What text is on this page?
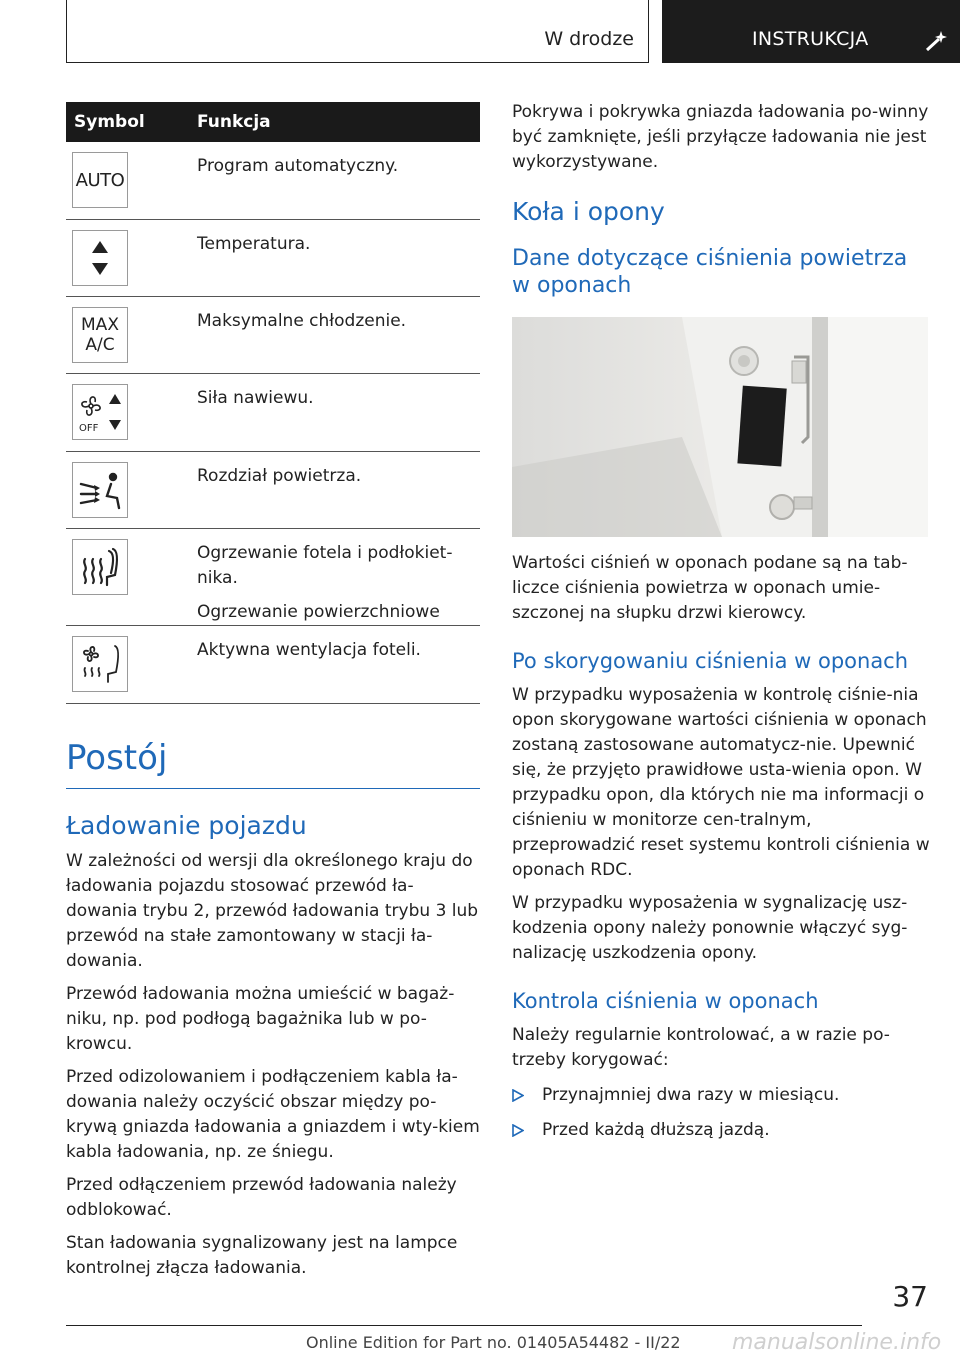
W drodze	INSTRUKCJA
Symbol	Funkcja
AUTO

Program automatyczny.

Temperatura.

MAX
A/C

Maksymalne chłodzenie.

OFF

Siła nawiewu.

Rozdział powietrza.

Ogrzewanie fotela i podłokiet-
nika.

Ogrzewanie powierzchniowe

Aktywna wentylacja foteli.

Postój
Ładowanie pojazdu

W zależności od wersji dla określonego kraju do ładowania pojazdu stosować przewód ła-dowania trybu 2, przewód ładowania trybu 3 lub przewód na stałe zamontowany w stacji ła-dowania.

Przewód ładowania można umieścić w bagaż-niku, np. pod podłogą bagażnika lub w po-krowcu.

Przed odizolowaniem i podłączeniem kabla ła-dowania należy oczyścić obszar między po-krywą gniazda ładowania a gniazdem i wty-kiem kabla ładowania, np. ze śniegu.

Przed odłączeniem przewód ładowania należy odblokować.

Stan ładowania sygnalizowany jest na lampce kontrolnej złącza ładowania.

Pokrywa i pokrywka gniazda ładowania po-winny być zamknięte, jeśli przyłącze ładowania nie jest wykorzystywane.

Koła i opony
Dane dotyczące ciśnienia powietrza w oponach

Wartości ciśnień w oponach podane są na tab-liczce ciśnienia powietrza w oponach umie-szczonej na słupku drzwi kierowcy.

Po skorygowaniu ciśnienia w oponach

W przypadku wyposażenia w kontrolę ciśnie-nia opon skorygowane wartości ciśnienia w oponach zostaną zastosowane automatycz-nie. Upewnić się, że przyjęto prawidłowe usta-wienia opon. W przypadku opon, dla których nie ma informacji o ciśnieniu w monitorze cen-tralnym, przeprowadzić reset systemu kontroli ciśnienia w oponach RDC.

W przypadku wyposażenia w sygnalizację usz-kodzenia opony należy ponownie włączyć syg-nalizację uszkodzenia opony.

Kontrola ciśnienia w oponach

Należy regularnie kontrolować, a w razie po-trzeby korygować:

Przynajmniej dwa razy w miesiącu.
Przed każdą dłuższą jazdą.
37
Online Edition for Part no. 01405A54482 - II/22 manualsonline.info
